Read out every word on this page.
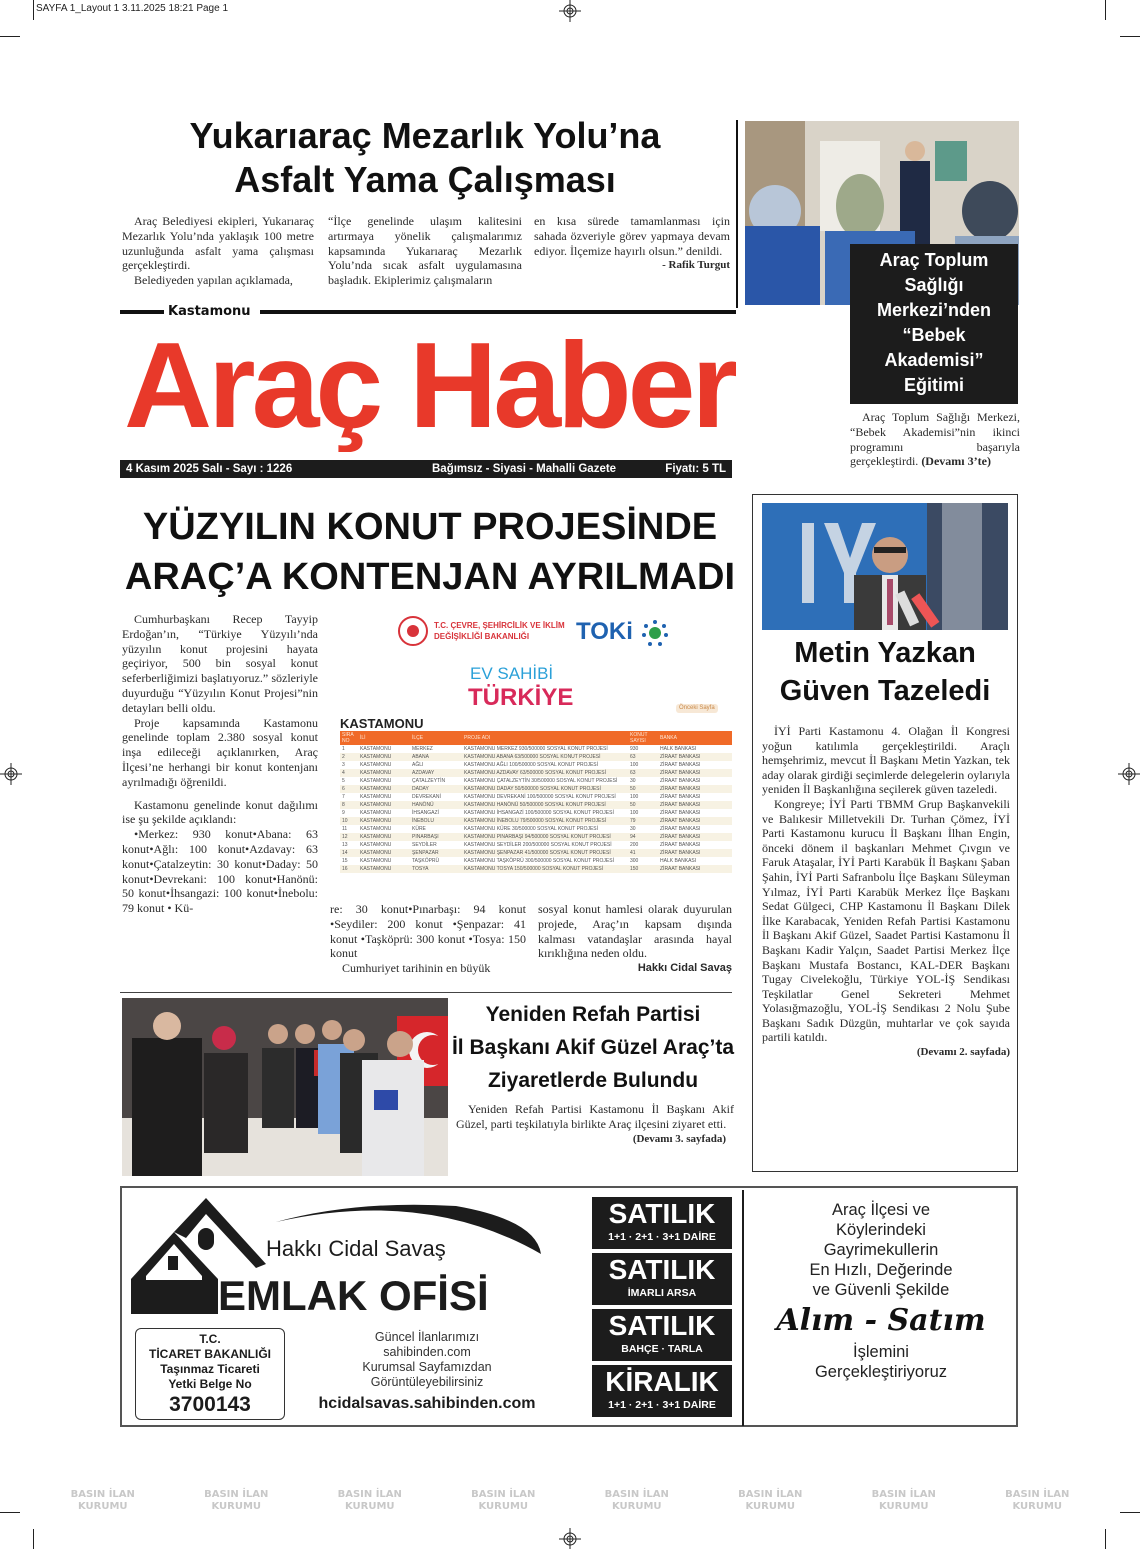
SAYFA 1_Layout 1 3.11.2025 18:21 Page 1
Yukarıaraç Mezarlık Yolu’na
Asfalt Yama Çalışması

Araç Belediyesi ekipleri, Yukarıaraç Mezarlık Yolu’nda yaklaşık 100 metre uzunluğunda asfalt yama çalışması gerçekleştirdi.

Belediyeden yapılan açıklamada,

“İlçe genelinde ulaşım kalitesini artırmaya yönelik çalışmalarımız kapsamında Yukarıaraç Mezarlık Yolu’nda sıcak asfalt uygulamasına başladık. Ekiplerimiz çalışmaların

en kısa sürede tamamlanması için sahada özveriyle görev yapmaya devam ediyor. İlçemize hayırlı olsun.” denildi.

- Rafik Turgut
Kastamonu
Araç Haber
4 Kasım 2025 Salı - Sayı : 1226	Bağımsız - Siyasi - Mahalli Gazete	Fiyatı: 5 TL
Araç Toplum Sağlığı Merkezi’nden “Bebek Akademisi” Eğitimi

Araç Toplum Sağlığı Merkezi, “Bebek Akademisi”nin ikinci programını başarıyla gerçekleştirdi. (Devamı 3’te)

YÜZYILIN KONUT PROJESİNDE
ARAÇ’A KONTENJAN AYRILMADI

Cumhurbaşkanı Recep Tayyip Erdoğan’ın, “Türkiye Yüzyılı’nda yüzyılın konut projesini hayata geçiriyor, 500 bin sosyal konut seferberliğimizi başlatıyoruz.” sözleriyle duyurduğu “Yüzyılın Konut Projesi”nin detayları belli oldu.

Proje kapsamında Kastamonu genelinde toplam 2.380 sosyal konut inşa edileceği açıklanırken, Araç İlçesi’ne herhangi bir konut kontenjanı ayrılmadığı öğrenildi.

Kastamonu genelinde konut dağılımı ise şu şekilde açıklandı:

•Merkez: 930 konut•Abana: 63 konut•Ağlı: 100 konut•Azdavay: 63 konut•Çatalzeytin: 30 konut•Daday: 50 konut•Devrekani: 100 konut•Hanönü: 50 konut•İhsangazi: 100 konut•İnebolu: 79 konut • Kü-	re: 30 konut•Pınarbaşı: 94 konut •Seydiler: 200 konut •Şenpazar: 41 konut •Taşköprü: 300 konut •Tosya: 150 konut

Cumhuriyet tarihinin en büyük

sosyal konut hamlesi olarak duyurulan projede, Araç’ın kapsam dışında kalması vatandaşlar arasında hayal kırıklığına neden oldu.

Hakkı Cidal Savaş
T.C. ÇEVRE, ŞEHİRCİLİK VE İKLİM DEĞİŞİKLİĞİ BAKANLIĞI	TOKi
EV SAHİBİ
TÜRKİYE	Önceki Sayfa
KASTAMONU
SIRA NO	İLİ	İLÇE	PROJE ADI	KONUT SAYISI	BANKA
1	KASTAMONU	MERKEZ	KASTAMONU MERKEZ 930/500000 SOSYAL KONUT PROJESİ	930	HALK BANKASI
2	KASTAMONU	ABANA	KASTAMONU ABANA 63/500000 SOSYAL KONUT PROJESİ	63	ZİRAAT BANKASI
3	KASTAMONU	AĞLI	KASTAMONU AĞLI 100/500000 SOSYAL KONUT PROJESİ	100	ZİRAAT BANKASI
4	KASTAMONU	AZDAVAY	KASTAMONU AZDAVAY 63/500000 SOSYAL KONUT PROJESİ	63	ZİRAAT BANKASI
5	KASTAMONU	ÇATALZEYTİN	KASTAMONU ÇATALZEYTİN 30/500000 SOSYAL KONUT PROJESİ	30	ZİRAAT BANKASI
6	KASTAMONU	DADAY	KASTAMONU DADAY 50/500000 SOSYAL KONUT PROJESİ	50	ZİRAAT BANKASI
7	KASTAMONU	DEVREKANİ	KASTAMONU DEVREKANİ 100/500000 SOSYAL KONUT PROJESİ	100	ZİRAAT BANKASI
8	KASTAMONU	HANÖNÜ	KASTAMONU HANÖNÜ 50/500000 SOSYAL KONUT PROJESİ	50	ZİRAAT BANKASI
9	KASTAMONU	İHSANGAZİ	KASTAMONU İHSANGAZİ 100/500000 SOSYAL KONUT PROJESİ	100	ZİRAAT BANKASI
10	KASTAMONU	İNEBOLU	KASTAMONU İNEBOLU 79/500000 SOSYAL KONUT PROJESİ	79	ZİRAAT BANKASI
11	KASTAMONU	KÜRE	KASTAMONU KÜRE 30/500000 SOSYAL KONUT PROJESİ	30	ZİRAAT BANKASI
12	KASTAMONU	PINARBAŞI	KASTAMONU PINARBAŞI 94/500000 SOSYAL KONUT PROJESİ	94	ZİRAAT BANKASI
13	KASTAMONU	SEYDİLER	KASTAMONU SEYDİLER 200/500000 SOSYAL KONUT PROJESİ	200	ZİRAAT BANKASI
14	KASTAMONU	ŞENPAZAR	KASTAMONU ŞENPAZAR 41/500000 SOSYAL KONUT PROJESİ	41	ZİRAAT BANKASI
15	KASTAMONU	TAŞKÖPRÜ	KASTAMONU TAŞKÖPRÜ 300/500000 SOSYAL KONUT PROJESİ	300	HALK BANKASI
16	KASTAMONU	TOSYA	KASTAMONU TOSYA 150/500000 SOSYAL KONUT PROJESİ	150	ZİRAAT BANKASI
Metin Yazkan
Güven Tazeledi

İYİ Parti Kastamonu 4. Olağan İl Kongresi yoğun katılımla gerçekleştirildi. Araçlı hemşehrimiz, mevcut İl Başkanı Metin Yazkan, tek aday olarak girdiği seçimlerde delegelerin oylarıyla yeniden İl Başkanlığına seçilerek güven tazeledi.

Kongreye; İYİ Parti TBMM Grup Başkanvekili ve Balıkesir Milletvekili Dr. Turhan Çömez, İYİ Parti Kastamonu kurucu İl Başkanı İlhan Engin, önceki dönem il başkanları Mehmet Çıvgın ve Faruk Ataşalar, İYİ Parti Karabük İl Başkanı Şaban Şahin, İYİ Parti Safranbolu İlçe Başkanı Süleyman Yılmaz, İYİ Parti Karabük Merkez İlçe Başkanı Sedat Gülgeci, CHP Kastamonu İl Başkanı Dilek İlke Karabacak, Yeniden Refah Partisi Kastamonu İl Başkanı Akif Güzel, Saadet Partisi Kastamonu İl Başkanı Kadir Yalçın, Saadet Partisi Merkez İlçe Başkanı Mustafa Bostancı, KAL-DER Başkanı Tugay Civelekoğlu, Türkiye YOL-İŞ Sendikası Teşkilatlar Genel Sekreteri Mehmet Yolasığmazoğlu, YOL-İŞ Sendikası 2 Nolu Şube Başkanı Sadık Düzgün, muhtarlar ve çok sayıda partili katıldı.

(Devamı 2. sayfada)
Yeniden Refah Partisi
İl Başkanı Akif Güzel Araç’ta
Ziyaretlerde Bulundu

Yeniden Refah Partisi Kastamonu İl Başkanı Akif Güzel, parti teşkilatıyla birlikte Araç ilçesini ziyaret etti.

(Devamı 3. sayfada)
Hakkı Cidal Savaş
EMLAK OFİSİ
T.C.
TİCARET BAKANLIĞI
Taşınmaz Ticareti
Yetki Belge No
3700143
Güncel İlanlarımızı
sahibinden.com
Kurumsal Sayfamızdan
Görüntüleyebilirsiniz
hcidalsavas.sahibinden.com
SATILIK
1+1 · 2+1 · 3+1 DAİRE
SATILIK
İMARLI ARSA
SATILIK
BAHÇE · TARLA
KİRALIK
1+1 · 2+1 · 3+1 DAİRE
Araç İlçesi ve
Köylerindeki
Gayrimekullerin
En Hızlı, Değerinde
ve Güvenli Şekilde
Alım - Satım
İşlemini
Gerçekleştiriyoruz
BASIN İLAN
KURUMU
BASIN İLAN
KURUMU
BASIN İLAN
KURUMU
BASIN İLAN
KURUMU
BASIN İLAN
KURUMU
BASIN İLAN
KURUMU
BASIN İLAN
KURUMU
BASIN İLAN
KURUMU
